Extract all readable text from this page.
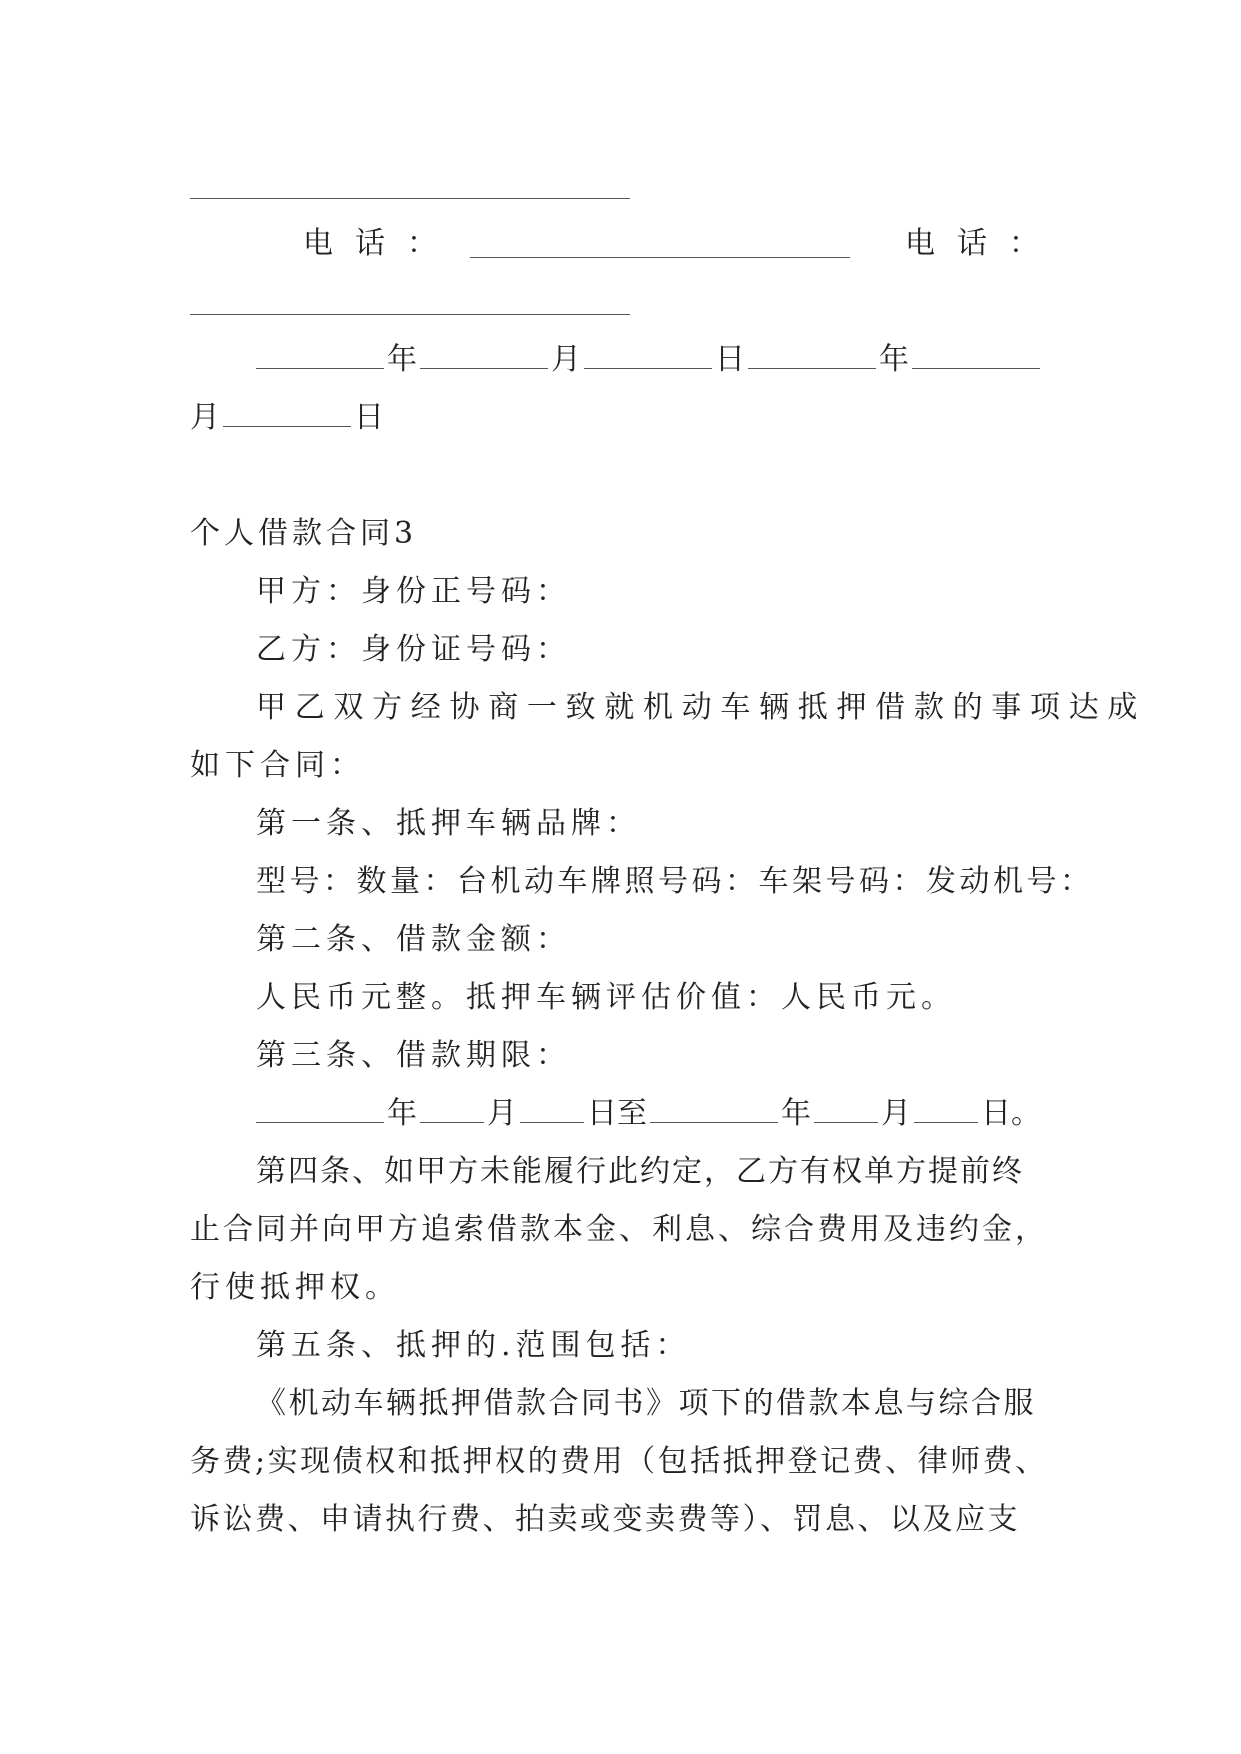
电话：	电话：
年	月	日	年
月	日
个人借款合同3
甲方：身份正号码：
乙方：身份证号码：
甲乙双方经协商一致就机动车辆抵押借款的事项达成
如下合同：
第一条、抵押车辆品牌：
型号：数量：台机动车牌照号码：车架号码：发动机号：
第二条、借款金额：
人民币元整。抵押车辆评估价值：人民币元。
第三条、借款期限：
年 月 日至	年 月 日。
第四条、如甲方未能履行此约定，乙方有权单方提前终
止合同并向甲方追索借款本金、利息、综合费用及违约金，
行使抵押权。
第五条、抵押的.范围包括：
《机动车辆抵押借款合同书》项下的借款本息与综合服
务费;实现债权和抵押权的费用（包括抵押登记费、律师费、
诉讼费、申请执行费、拍卖或变卖费等）、罚息、以及应支
